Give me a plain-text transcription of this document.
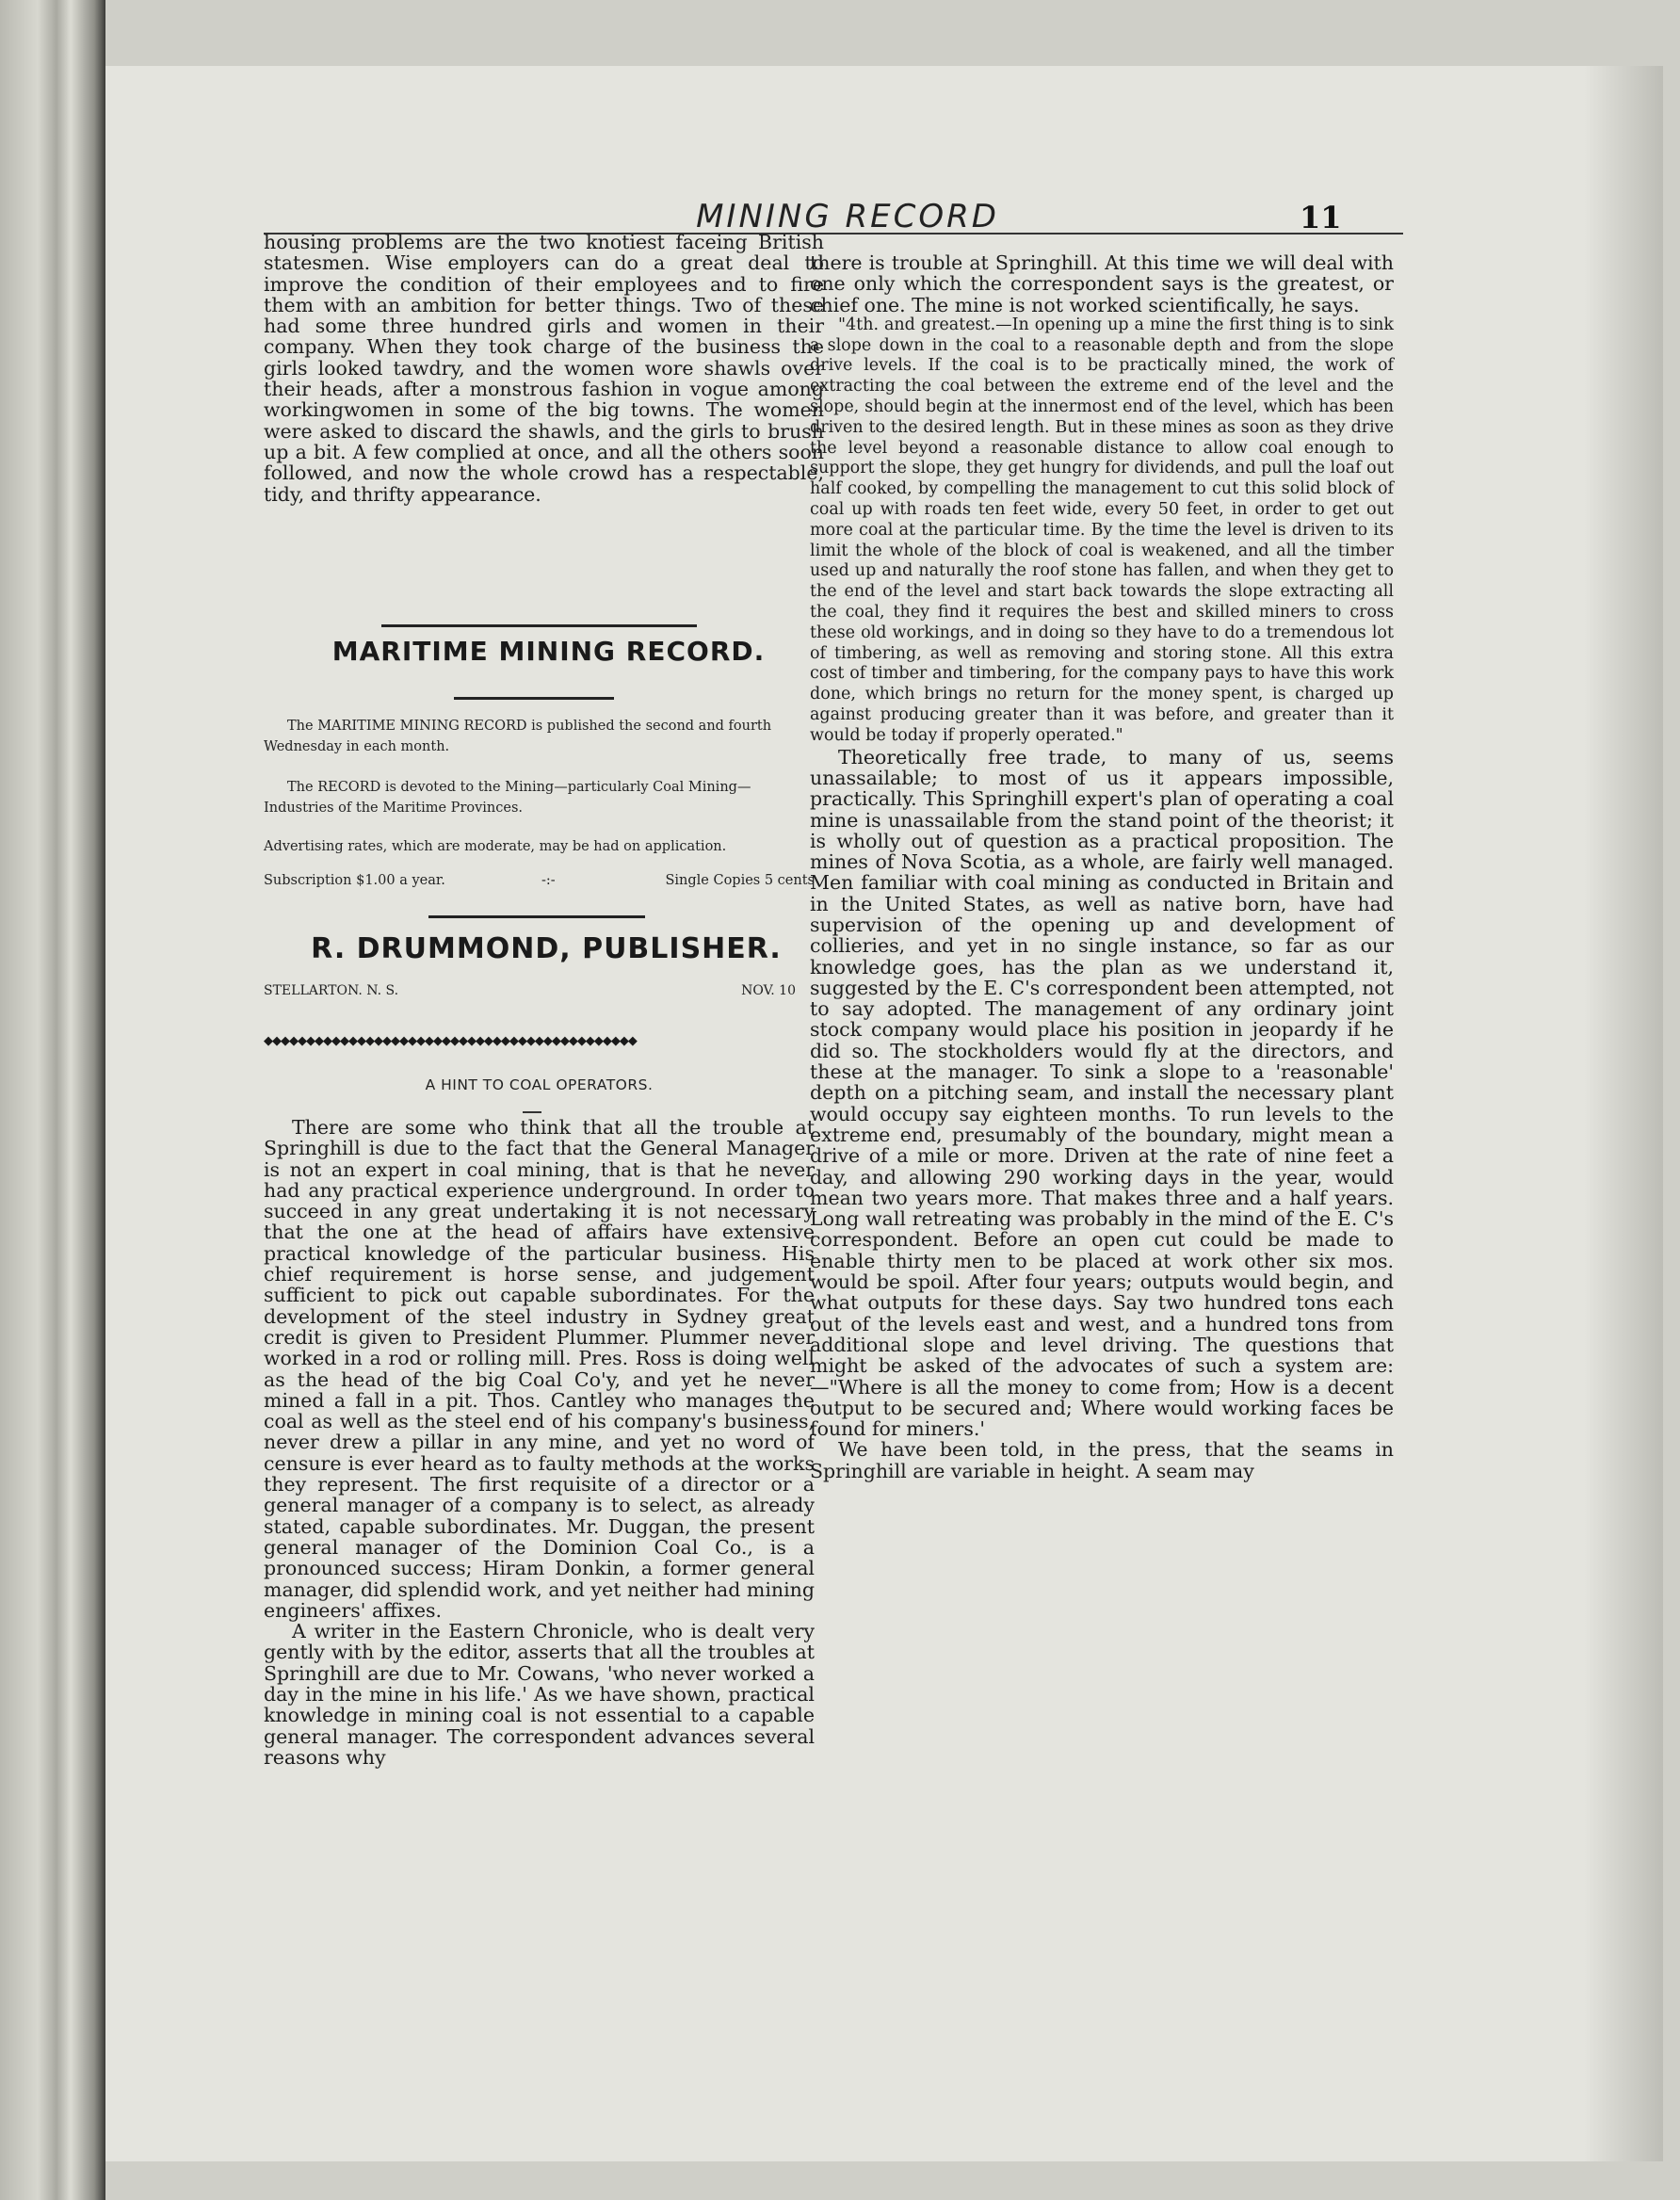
MINING RECORD	11

housing problems are the two knotiest faceing British statesmen. Wise employers can do a great deal to improve the condition of their employees and to fire them with an ambition for better things. Two of these had some three hundred girls and women in their company. When they took charge of the business the girls looked tawdry, and the women wore shawls over their heads, after a monstrous fashion in vogue among workingwomen in some of the big towns. The women were asked to discard the shawls, and the girls to brush up a bit. A few complied at once, and all the others soon followed, and now the whole crowd has a respectable, tidy, and thrifty appearance.

MARITIME MINING RECORD.
The MARITIME MINING RECORD is published the second and fourth Wednesday in each month.
The RECORD is devoted to the Mining—particularly Coal Mining—Industries of the Maritime Provinces.
Advertising rates, which are moderate, may be had on application.
Subscription $1.00 a year.	-:-	Single Copies 5 cents
R. DRUMMOND, PUBLISHER.
STELLARTON. N. S.	NOV. 10
◆◆◆◆◆◆◆◆◆◆◆◆◆◆◆◆◆◆◆◆◆◆◆◆◆◆◆◆◆◆◆◆◆◆◆◆◆◆◆◆◆◆◆◆
A HINT TO COAL OPERATORS.

There are some who think that all the trouble at Springhill is due to the fact that the General Manager is not an expert in coal mining, that is that he never had any practical experience underground. In order to succeed in any great undertaking it is not necessary that the one at the head of affairs have extensive practical knowledge of the particular business. His chief requirement is horse sense, and judgement sufficient to pick out capable subordinates. For the development of the steel industry in Sydney great credit is given to President Plummer. Plummer never worked in a rod or rolling mill. Pres. Ross is doing well as the head of the big Coal Co'y, and yet he never mined a fall in a pit. Thos. Cantley who manages the coal as well as the steel end of his company's business, never drew a pillar in any mine, and yet no word of censure is ever heard as to faulty methods at the works they represent. The first requisite of a director or a general manager of a company is to select, as already stated, capable subordinates. Mr. Duggan, the present general manager of the Dominion Coal Co., is a pronounced success; Hiram Donkin, a former general manager, did splendid work, and yet neither had mining engineers' affixes.

A writer in the Eastern Chronicle, who is dealt very gently with by the editor, asserts that all the troubles at Springhill are due to Mr. Cowans, 'who never worked a day in the mine in his life.' As we have shown, practical knowledge in mining coal is not essential to a capable general manager. The correspondent advances several reasons why

there is trouble at Springhill. At this time we will deal with one only which the correspondent says is the greatest, or chief one. The mine is not worked scientifically, he says.

"4th. and greatest.—In opening up a mine the first thing is to sink a slope down in the coal to a reasonable depth and from the slope drive levels. If the coal is to be practically mined, the work of extracting the coal between the extreme end of the level and the slope, should begin at the innermost end of the level, which has been driven to the desired length. But in these mines as soon as they drive the level beyond a reasonable distance to allow coal enough to support the slope, they get hungry for dividends, and pull the loaf out half cooked, by compelling the management to cut this solid block of coal up with roads ten feet wide, every 50 feet, in order to get out more coal at the particular time. By the time the level is driven to its limit the whole of the block of coal is weakened, and all the timber used up and naturally the roof stone has fallen, and when they get to the end of the level and start back towards the slope extracting all the coal, they find it requires the best and skilled miners to cross these old workings, and in doing so they have to do a tremendous lot of timbering, as well as removing and storing stone. All this extra cost of timber and timbering, for the company pays to have this work done, which brings no return for the money spent, is charged up against producing greater than it was before, and greater than it would be today if properly operated."

Theoretically free trade, to many of us, seems unassailable; to most of us it appears impossible, practically. This Springhill expert's plan of operating a coal mine is unassailable from the stand point of the theorist; it is wholly out of question as a practical proposition. The mines of Nova Scotia, as a whole, are fairly well managed. Men familiar with coal mining as conducted in Britain and in the United States, as well as native born, have had supervision of the opening up and development of collieries, and yet in no single instance, so far as our knowledge goes, has the plan as we understand it, suggested by the E. C's correspondent been attempted, not to say adopted. The management of any ordinary joint stock company would place his position in jeopardy if he did so. The stockholders would fly at the directors, and these at the manager. To sink a slope to a 'reasonable' depth on a pitching seam, and install the necessary plant would occupy say eighteen months. To run levels to the extreme end, presumably of the boundary, might mean a drive of a mile or more. Driven at the rate of nine feet a day, and allowing 290 working days in the year, would mean two years more. That makes three and a half years. Long wall retreating was probably in the mind of the E. C's correspondent. Before an open cut could be made to enable thirty men to be placed at work other six mos. would be spoil. After four years; outputs would begin, and what outputs for these days. Say two hundred tons each out of the levels east and west, and a hundred tons from additional slope and level driving. The questions that might be asked of the advocates of such a system are:—"Where is all the money to come from; How is a decent output to be secured and; Where would working faces be found for miners.'

We have been told, in the press, that the seams in Springhill are variable in height. A seam may
